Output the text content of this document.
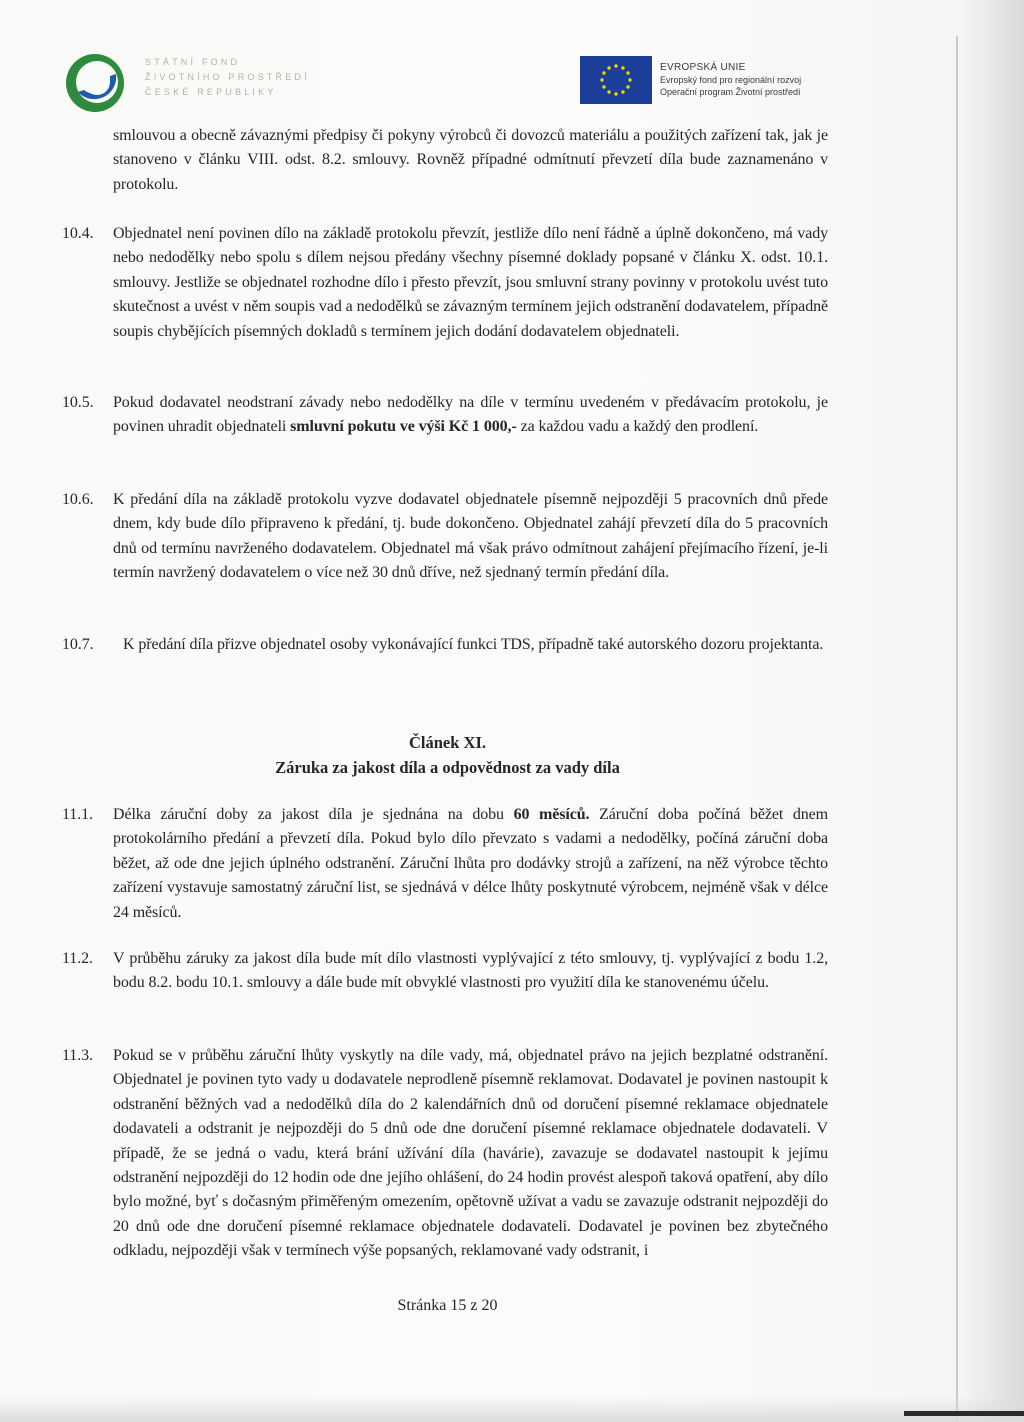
STÁTNÍ FOND
ŽIVOTNÍHO PROSTŘEDÍ
ČESKÉ REPUBLIKY
EVROPSKÁ UNIE
Evropský fond pro regionální rozvoj
Operační program Životní prostředí
smlouvou a obecně závaznými předpisy či pokyny výrobců či dovozců materiálu a použitých zařízení tak, jak je stanoveno v článku VIII. odst. 8.2. smlouvy. Rovněž případné odmítnutí převzetí díla bude zaznamenáno v protokolu.
10.4. Objednatel není povinen dílo na základě protokolu převzít, jestliže dílo není řádně a úplně dokončeno, má vady nebo nedodělky nebo spolu s dílem nejsou předány všechny písemné doklady popsané v článku X. odst. 10.1. smlouvy. Jestliže se objednatel rozhodne dílo i přesto převzít, jsou smluvní strany povinny v protokolu uvést tuto skutečnost a uvést v něm soupis vad a nedodělků se závazným termínem jejich odstranění dodavatelem, případně soupis chybějících písemných dokladů s termínem jejich dodání dodavatelem objednateli.
10.5. Pokud dodavatel neodstraní závady nebo nedodělky na díle v termínu uvedeném v předávacím protokolu, je povinen uhradit objednateli smluvní pokutu ve výši Kč 1 000,- za každou vadu a každý den prodlení.
10.6. K předání díla na základě protokolu vyzve dodavatel objednatele písemně nejpozději 5 pracovních dnů přede dnem, kdy bude dílo připraveno k předání, tj. bude dokončeno. Objednatel zahájí převzetí díla do 5 pracovních dnů od termínu navrženého dodavatelem. Objednatel má však právo odmítnout zahájení přejímacího řízení, je-li termín navržený dodavatelem o více než 30 dnů dříve, než sjednaný termín předání díla.
10.7. K předání díla přizve objednatel osoby vykonávající funkci TDS, případně také autorského dozoru projektanta.
Článek XI.
Záruka za jakost díla a odpovědnost za vady díla
11.1. Délka záruční doby za jakost díla je sjednána na dobu 60 měsíců. Záruční doba počíná běžet dnem protokolárního předání a převzetí díla. Pokud bylo dílo převzato s vadami a nedodělky, počíná záruční doba běžet, až ode dne jejich úplného odstranění. Záruční lhůta pro dodávky strojů a zařízení, na něž výrobce těchto zařízení vystavuje samostatný záruční list, se sjednává v délce lhůty poskytnuté výrobcem, nejméně však v délce 24 měsíců.
11.2. V průběhu záruky za jakost díla bude mít dílo vlastnosti vyplývající z této smlouvy, tj. vyplývající z bodu 1.2, bodu 8.2. bodu 10.1. smlouvy a dále bude mít obvyklé vlastnosti pro využití díla ke stanovenému účelu.
11.3. Pokud se v průběhu záruční lhůty vyskytly na díle vady, má, objednatel právo na jejich bezplatné odstranění. Objednatel je povinen tyto vady u dodavatele neprodleně písemně reklamovat. Dodavatel je povinen nastoupit k odstranění běžných vad a nedodělků díla do 2 kalendářních dnů od doručení písemné reklamace objednatele dodavateli a odstranit je nejpozději do 5 dnů ode dne doručení písemné reklamace objednatele dodavateli. V případě, že se jedná o vadu, která brání užívání díla (havárie), zavazuje se dodavatel nastoupit k jejímu odstranění nejpozději do 12 hodin ode dne jejího ohlášení, do 24 hodin provést alespoň taková opatření, aby dílo bylo možné, byť s dočasným přiměřeným omezením, opětovně užívat a vadu se zavazuje odstranit nejpozději do 20 dnů ode dne doručení písemné reklamace objednatele dodavateli. Dodavatel je povinen bez zbytečného odkladu, nejpozději však v termínech výše popsaných, reklamované vady odstranit, i
Stránka 15 z 20
